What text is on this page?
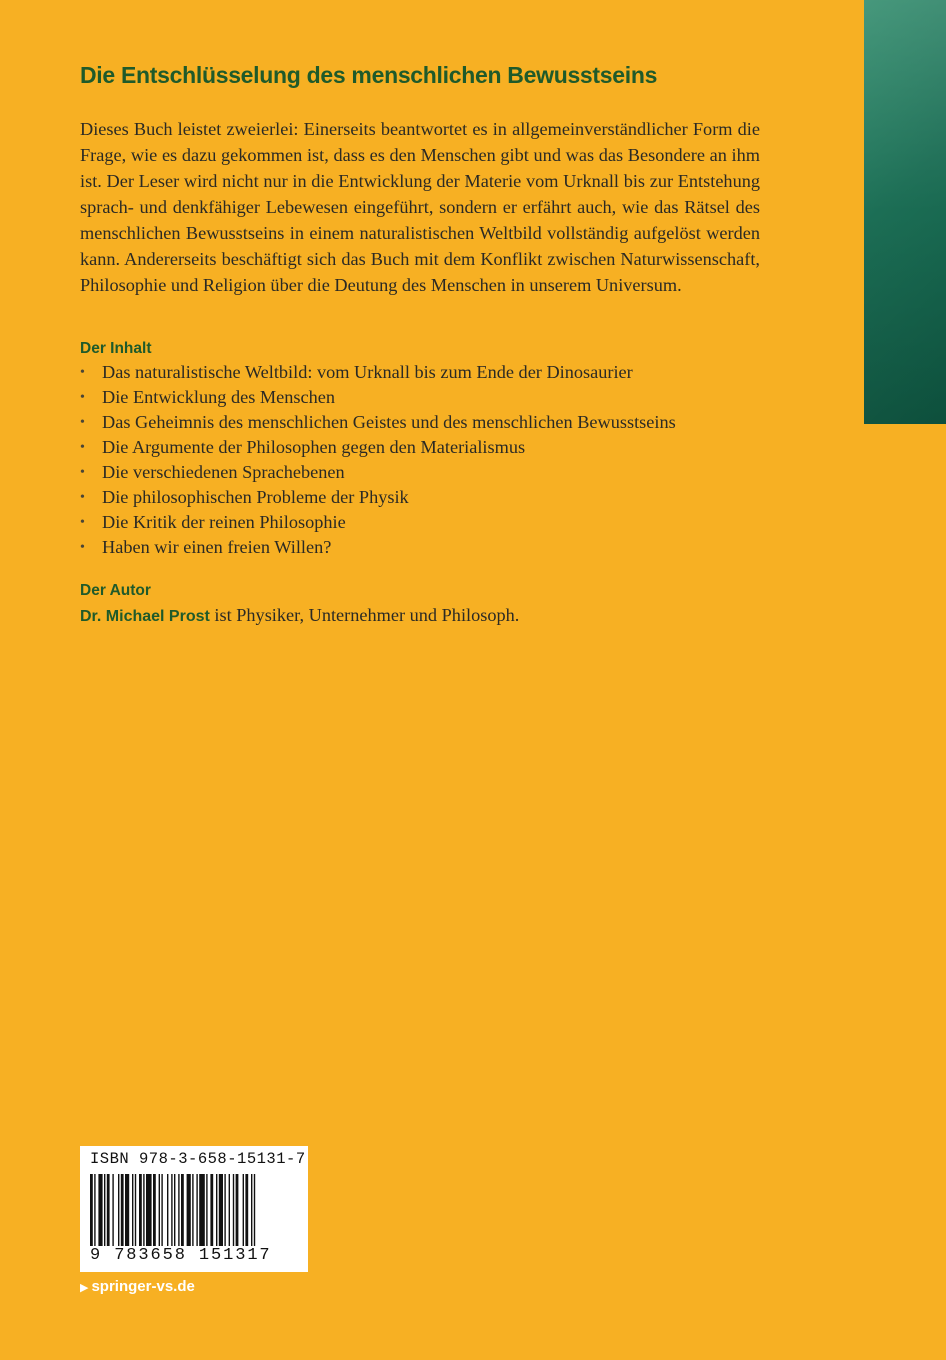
Die Entschlüsselung des menschlichen Bewusstseins

Dieses Buch leistet zweierlei: Einerseits beantwortet es in allgemeinverständlicher Form die Frage, wie es dazu gekommen ist, dass es den Menschen gibt und was das Besondere an ihm ist. Der Leser wird nicht nur in die Entwicklung der Materie vom Urknall bis zur Entstehung sprach- und denkfähiger Lebewesen eingeführt, sondern er erfährt auch, wie das Rätsel des menschlichen Bewusstseins in einem naturalistischen Weltbild vollständig aufgelöst werden kann. Andererseits beschäftigt sich das Buch mit dem Konflikt zwischen Naturwissenschaft, Philosophie und Religion über die Deutung des Menschen in unserem Universum.

Der Inhalt

• Das naturalistische Weltbild: vom Urknall bis zum Ende der Dinosaurier
• Die Entwicklung des Menschen
• Das Geheimnis des menschlichen Geistes und des menschlichen Bewusstseins
• Die Argumente der Philosophen gegen den Materialismus
• Die verschiedenen Sprachebenen
• Die philosophischen Probleme der Physik
• Die Kritik der reinen Philosophie
• Haben wir einen freien Willen?

Der Autor

Dr. Michael Prost ist Physiker, Unternehmer und Philosoph.

ISBN 978-3-658-15131-7
9 783658 151317

▶ springer-vs.de
